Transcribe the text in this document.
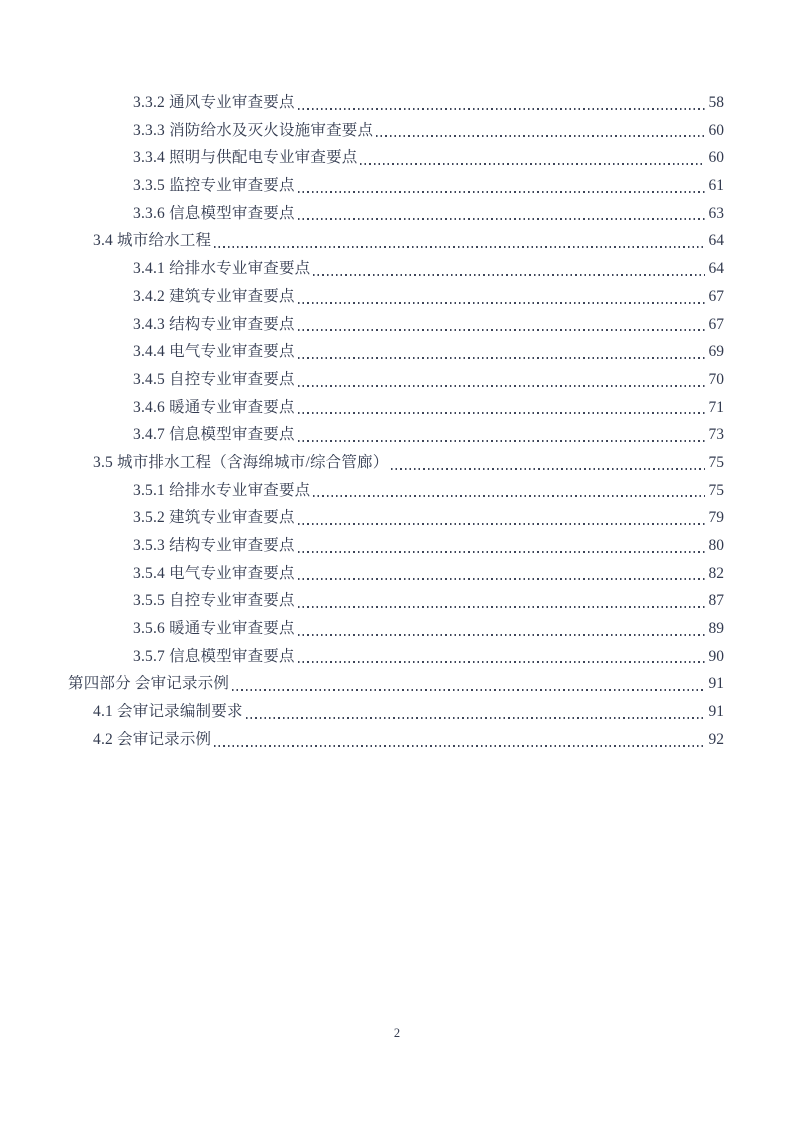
3.3.2 通风专业审查要点	58
3.3.3 消防给水及灭火设施审查要点	60
3.3.4 照明与供配电专业审查要点	60
3.3.5 监控专业审查要点	61
3.3.6 信息模型审查要点	63
3.4 城市给水工程	64
3.4.1 给排水专业审查要点	64
3.4.2 建筑专业审查要点	67
3.4.3 结构专业审查要点	67
3.4.4 电气专业审查要点	69
3.4.5 自控专业审查要点	70
3.4.6 暖通专业审查要点	71
3.4.7 信息模型审查要点	73
3.5 城市排水工程（含海绵城市/综合管廊）	75
3.5.1 给排水专业审查要点	75
3.5.2 建筑专业审查要点	79
3.5.3 结构专业审查要点	80
3.5.4 电气专业审查要点	82
3.5.5 自控专业审查要点	87
3.5.6 暖通专业审查要点	89
3.5.7 信息模型审查要点	90
第四部分 会审记录示例	91
4.1 会审记录编制要求	91
4.2 会审记录示例	92
2
